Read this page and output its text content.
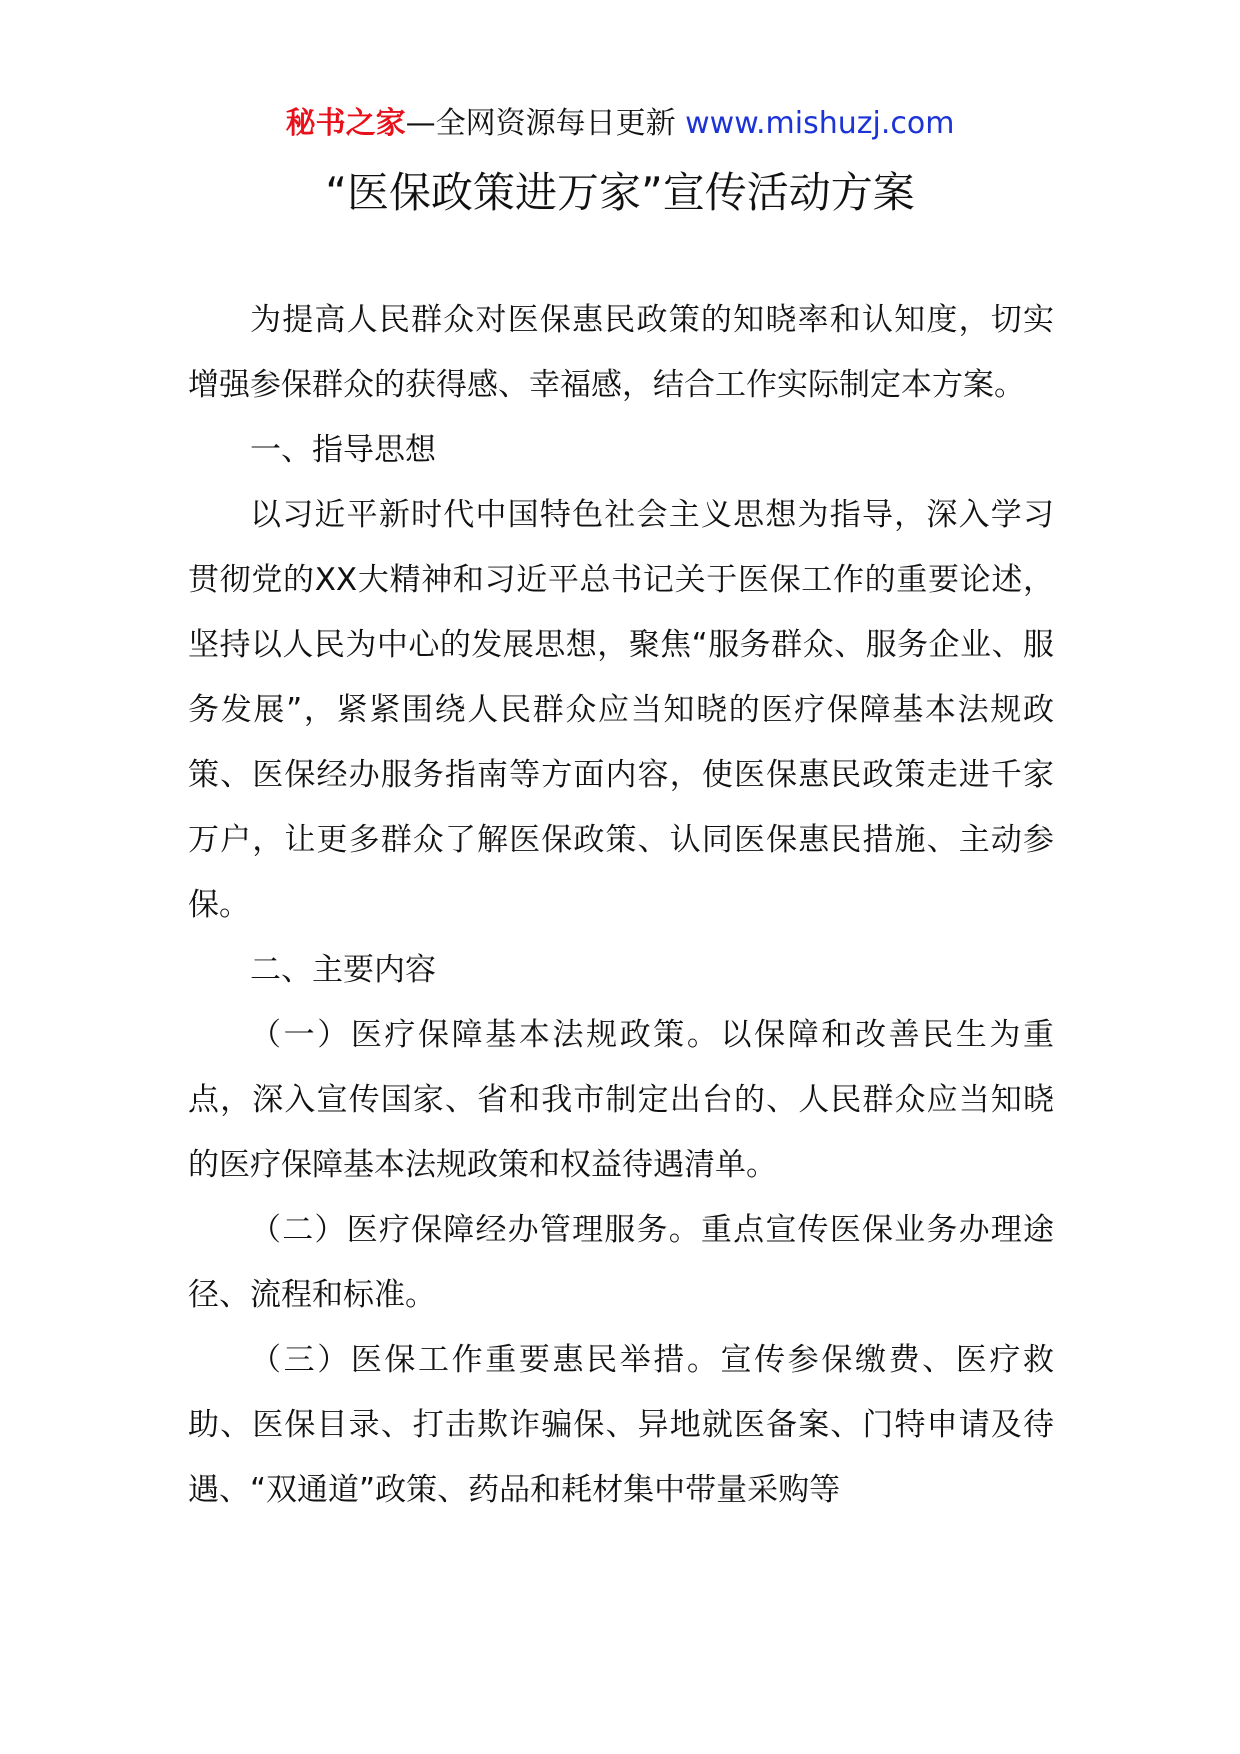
秘书之家—全网资源每日更新 www.mishuzj.com
“医保政策进万家”宣传活动方案

为提高人民群众对医保惠民政策的知晓率和认知度，切实增强参保群众的获得感、幸福感，结合工作实际制定本方案。

一、指导思想

以习近平新时代中国特色社会主义思想为指导，深入学习贯彻党的XX大精神和习近平总书记关于医保工作的重要论述，坚持以人民为中心的发展思想，聚焦“服务群众、服务企业、服务发展”，紧紧围绕人民群众应当知晓的医疗保障基本法规政策、医保经办服务指南等方面内容，使医保惠民政策走进千家万户，让更多群众了解医保政策、认同医保惠民措施、主动参保。

二、主要内容

（一）医疗保障基本法规政策。以保障和改善民生为重点，深入宣传国家、省和我市制定出台的、人民群众应当知晓的医疗保障基本法规政策和权益待遇清单。

（二）医疗保障经办管理服务。重点宣传医保业务办理途径、流程和标准。

（三）医保工作重要惠民举措。宣传参保缴费、医疗救助、医保目录、打击欺诈骗保、异地就医备案、门特申请及待遇、“双通道”政策、药品和耗材集中带量采购等
